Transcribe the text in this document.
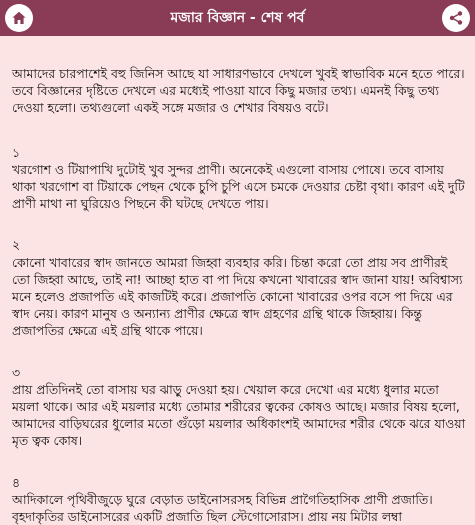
মজার বিজ্ঞান - শেষ পর্ব

আমাদের চারপাশেই বহু জিনিস আছে যা সাধারণভাবে দেখলে খুবই স্বাভাবিক মনে হতে পারে। তবে বিজ্ঞানের দৃষ্টিতে দেখলে এর মধ্যেই পাওয়া যাবে কিছু মজার তথ্য। এমনই কিছু তথ্য দেওয়া হলো। তথ্যগুলো একই সঙ্গে মজার ও শেখার বিষয়ও বটে।

১

খরগোশ ও টিয়াপাখি দুটোই খুব সুন্দর প্রাণী। অনেকেই এগুলো বাসায় পোষে। তবে বাসায় থাকা খরগোশ বা টিয়াকে পেছন থেকে চুপি চুপি এসে চমকে দেওয়ার চেষ্টা বৃথা। কারণ এই দুটি প্রাণী মাথা না ঘুরিয়েও পিছনে কী ঘটছে দেখতে পায়।

২

কোনো খাবারের স্বাদ জানতে আমরা জিহ্বা ব্যবহার করি। চিন্তা করো তো প্রায় সব প্রাণীরই তো জিহ্বা আছে, তাই না! আচ্ছা হাত বা পা দিয়ে কখনো খাবারের স্বাদ জানা যায়! অবিশ্বাস্য মনে হলেও প্রজাপতি এই কাজটিই করে। প্রজাপতি কোনো খাবারের ওপর বসে পা দিয়ে এর স্বাদ নেয়। কারণ মানুষ ও অন্যান্য প্রাণীর ক্ষেত্রে স্বাদ গ্রহণের গ্রন্থি থাকে জিহ্বায়। কিন্তু প্রজাপতির ক্ষেত্রে এই গ্রন্থি থাকে পায়ে।

৩

প্রায় প্রতিদিনই তো বাসায় ঘর ঝাড়ু দেওয়া হয়। খেয়াল করে দেখো এর মধ্যে ধুলার মতো ময়লা থাকে। আর এই ময়লার মধ্যে তোমার শরীরের ত্বকের কোষও আছে। মজার বিষয় হলো, আমাদের বাড়িঘরের ধুলোর মতো গুঁড়ো ময়লার অধিকাংশই আমাদের শরীর থেকে ঝরে যাওয়া মৃত ত্বক কোষ।

৪

আদিকালে পৃথিবীজুড়ে ঘুরে বেড়াত ডাইনোসরসহ বিভিন্ন প্রাগৈতিহাসিক প্রাণী প্রজাতি। বৃহদাকৃতির ডাইনোসরের একটি প্রজাতি ছিল স্টেগোসোরাস। প্রায় নয় মিটার লম্বা
